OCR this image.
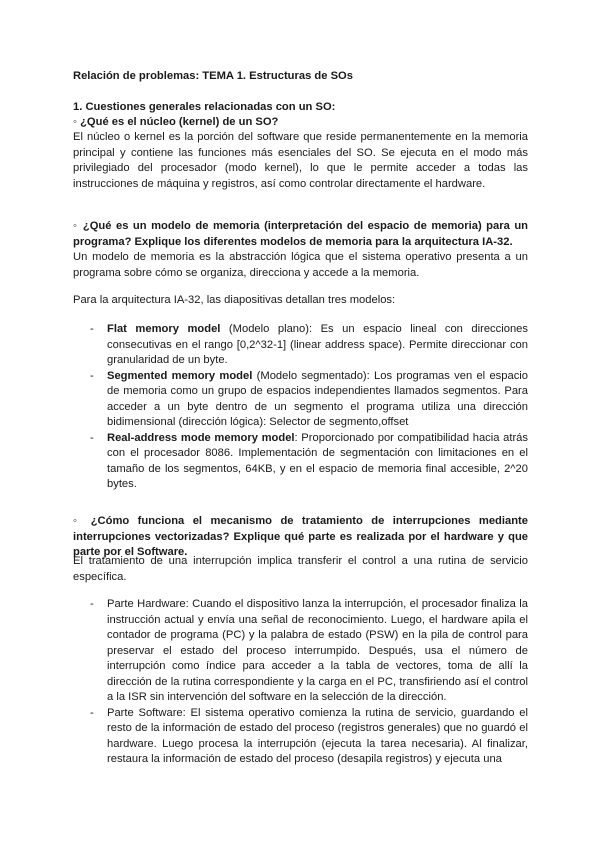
Relación de problemas: TEMA 1. Estructuras de SOs

1. Cuestiones generales relacionadas con un SO:

◦ ¿Qué es el núcleo (kernel) de un SO?

El núcleo o kernel es la porción del software que reside permanentemente en la memoria principal y contiene las funciones más esenciales del SO. Se ejecuta en el modo más privilegiado del procesador (modo kernel), lo que le permite acceder a todas las instrucciones de máquina y registros, así como controlar directamente el hardware.

◦ ¿Qué es un modelo de memoria (interpretación del espacio de memoria) para un programa? Explique los diferentes modelos de memoria para la arquitectura IA-32.

Un modelo de memoria es la abstracción lógica que el sistema operativo presenta a un programa sobre cómo se organiza, direcciona y accede a la memoria.

Para la arquitectura IA-32, las diapositivas detallan tres modelos:

- Flat memory model (Modelo plano): Es un espacio lineal con direcciones consecutivas en el rango [0,2^32-1] (linear address space). Permite direccionar con granularidad de un byte.
- Segmented memory model (Modelo segmentado): Los programas ven el espacio de memoria como un grupo de espacios independientes llamados segmentos. Para acceder a un byte dentro de un segmento el programa utiliza una dirección bidimensional (dirección lógica): Selector de segmento,offset
- Real-address mode memory model: Proporcionado por compatibilidad hacia atrás con el procesador 8086. Implementación de segmentación con limitaciones en el tamaño de los segmentos, 64KB, y en el espacio de memoria final accesible, 2^20 bytes.

◦ ¿Cómo funciona el mecanismo de tratamiento de interrupciones mediante interrupciones vectorizadas? Explique qué parte es realizada por el hardware y que parte por el Software.

El tratamiento de una interrupción implica transferir el control a una rutina de servicio específica.

- Parte Hardware: Cuando el dispositivo lanza la interrupción, el procesador finaliza la instrucción actual y envía una señal de reconocimiento. Luego, el hardware apila el contador de programa (PC) y la palabra de estado (PSW) en la pila de control para preservar el estado del proceso interrumpido. Después, usa el número de interrupción como índice para acceder a la tabla de vectores, toma de allí la dirección de la rutina correspondiente y la carga en el PC, transfiriendo así el control a la ISR sin intervención del software en la selección de la dirección.
- Parte Software: El sistema operativo comienza la rutina de servicio, guardando el resto de la información de estado del proceso (registros generales) que no guardó el hardware. Luego procesa la interrupción (ejecuta la tarea necesaria). Al finalizar, restaura la información de estado del proceso (desapila registros) y ejecuta una
